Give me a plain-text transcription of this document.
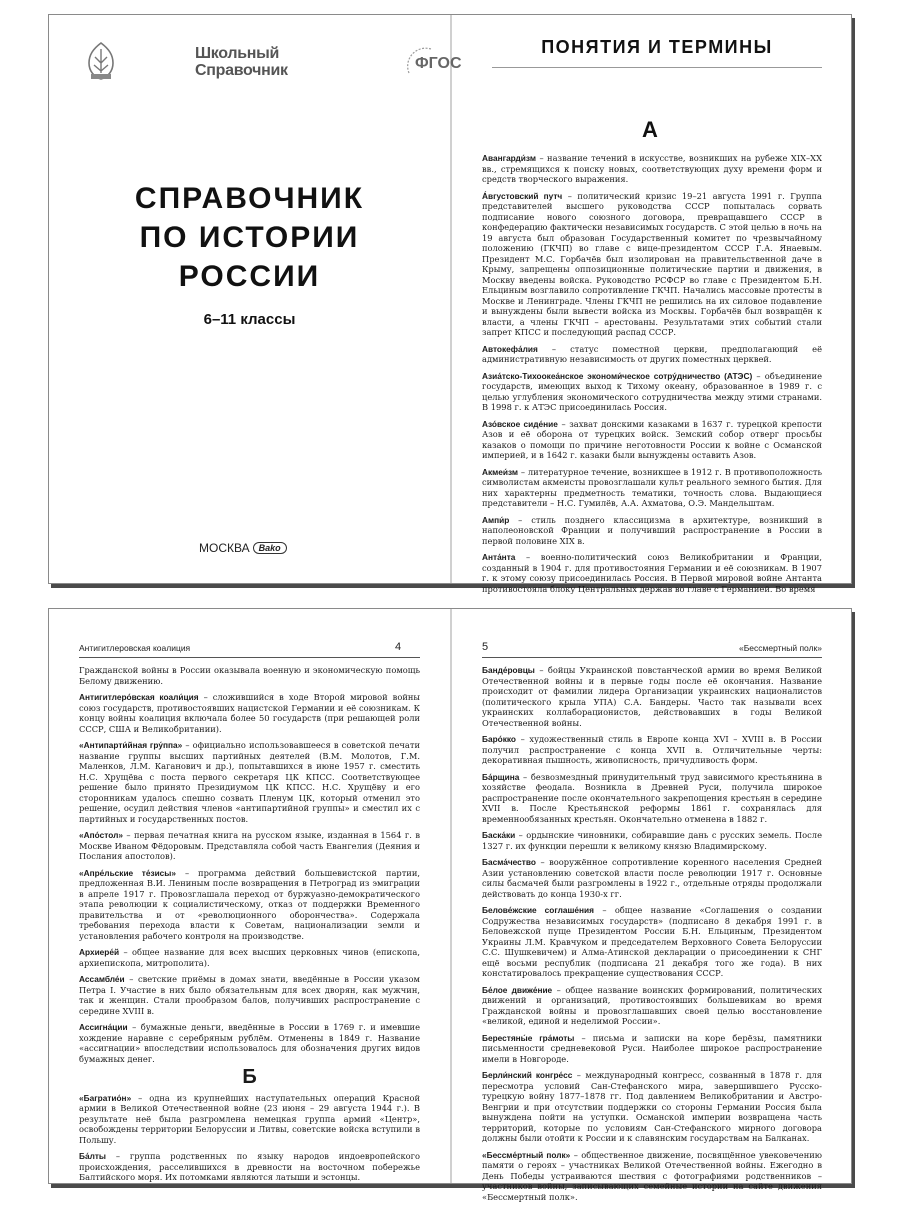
Школьный
Справочник	ФГОС
СПРАВОЧНИК
ПО ИСТОРИИ
РОССИИ
6–11 классы
МОСКВА Bako
ПОНЯТИЯ И ТЕРМИНЫ
А
Авангарди́зм – название течений в искусстве, возникших на рубеже XIX–XX вв., стремящихся к поиску новых, соответствующих духу времени форм и средств творческого выражения.
А́вгустовский путч – политический кризис 19–21 августа 1991 г. Группа представителей высшего руководства СССР попыталась сорвать подписание нового союзного договора, превращавшего СССР в конфедерацию фактически независимых государств. С этой целью в ночь на 19 августа был образован Государственный комитет по чрезвычайному положению (ГКЧП) во главе с вице-президентом СССР Г.А. Янаевым. Президент М.С. Горбачёв был изолирован на правительственной даче в Крыму, запрещены оппозиционные политические партии и движения, в Москву введены войска. Руководство РСФСР во главе с Президентом Б.Н. Ельциным возглавило сопротивление ГКЧП. Начались массовые протесты в Москве и Ленинграде. Члены ГКЧП не решились на их силовое подавление и вынуждены были вывести войска из Москвы. Горбачёв был возвращён к власти, а члены ГКЧП – арестованы. Результатами этих событий стали запрет КПСС и последующий распад СССР.
Автокефа́лия – статус поместной церкви, предполагающий её административную независимость от других поместных церквей.
Азиа́тско-Тихоокеа́нское экономи́ческое сотру́дничество (АТЭС) – объединение государств, имеющих выход к Тихому океану, образованное в 1989 г. с целью углубления экономического сотрудничества между этими странами. В 1998 г. к АТЭС присоединилась Россия.
Азо́вское сиде́ние – захват донскими казаками в 1637 г. турецкой крепости Азов и её оборона от турецких войск. Земский собор отверг просьбы казаков о помощи по причине неготовности России к войне с Османской империей, и в 1642 г. казаки были вынуждены оставить Азов.
Акмеи́зм – литературное течение, возникшее в 1912 г. В противоположность символистам акмеисты провозглашали культ реального земного бытия. Для них характерны предметность тематики, точность слова. Выдающиеся представители – Н.С. Гумилёв, А.А. Ахматова, О.Э. Мандельштам.
Ампи́р – стиль позднего классицизма в архитектуре, возникший в наполеоновской Франции и получивший распространение в России в первой половине XIX в.
Анта́нта – военно-политический союз Великобритании и Франции, созданный в 1904 г. для противостояния Германии и её союзникам. В 1907 г. к этому союзу присоединилась Россия. В Первой мировой войне Антанта противостояла блоку Центральных держав во главе с Германией. Во время
Антигитлеровская коалиция	4
Гражданской войны в России оказывала военную и экономическую помощь Белому движению.
Антигитлеро́вская коали́ция – сложившийся в ходе Второй мировой войны союз государств, противостоявших нацистской Германии и её союзникам. К концу войны коалиция включала более 50 государств (при решающей роли СССР, США и Великобритании).
«Антипарти́йная гру́ппа» – официально использовавшееся в советской печати название группы высших партийных деятелей (В.М. Молотов, Г.М. Маленков, Л.М. Каганович и др.), попытавшихся в июне 1957 г. сместить Н.С. Хрущёва с поста первого секретаря ЦК КПСС. Соответствующее решение было принято Президиумом ЦК КПСС. Н.С. Хрущёву и его сторонникам удалось спешно созвать Пленум ЦК, который отменил это решение, осудил действия членов «антипартийной группы» и сместил их с партийных и государственных постов.
«Апо́стол» – первая печатная книга на русском языке, изданная в 1564 г. в Москве Иваном Фёдоровым. Представляла собой часть Евангелия (Деяния и Послания апостолов).
«Апре́льские те́зисы» – программа действий большевистской партии, предложенная В.И. Лениным после возвращения в Петроград из эмиграции в апреле 1917 г. Провозглашала переход от буржуазно-демократического этапа революции к социалистическому, отказ от поддержки Временного правительства и от «революционного оборончества». Содержала требования перехода власти к Советам, национализации земли и установления рабочего контроля на производстве.
Архиере́й – общее название для всех высших церковных чинов (епископа, архиепископа, митрополита).
Ассамбле́и – светские приёмы в домах знати, введённые в России указом Петра I. Участие в них было обязательным для всех дворян, как мужчин, так и женщин. Стали прообразом балов, получивших распространение с середине XVIII в.
Ассигна́ции – бумажные деньги, введённые в России в 1769 г. и имевшие хождение наравне с серебряным рублём. Отменены в 1849 г. Название «ассигнации» впоследствии использовалось для обозначения других видов бумажных денег.
Б
«Багратио́н» – одна из крупнейших наступательных операций Красной армии в Великой Отечественной войне (23 июня – 29 августа 1944 г.). В результате неё была разгромлена немецкая группа армий «Центр», освобождены территории Белоруссии и Литвы, советские войска вступили в Польшу.
Ба́лты – группа родственных по языку народов индоевропейского происхождения, расселившихся в древности на восточном побережье Балтийского моря. Их потомками являются латыши и эстонцы.
5	«Бессмертный полк»
Банде́ровцы – бойцы Украинской повстанческой армии во время Великой Отечественной войны и в первые годы после её окончания. Название происходит от фамилии лидера Организации украинских националистов (политического крыла УПА) С.А. Бандеры. Часто так называли всех украинских коллаборационистов, действовавших в годы Великой Отечественной войны.
Баро́кко – художественный стиль в Европе конца XVI – XVIII в. В России получил распространение с конца XVII в. Отличительные черты: декоративная пышность, живописность, причудливость форм.
Ба́рщина – безвозмездный принудительный труд зависимого крестьянина в хозяйстве феодала. Возникла в Древней Руси, получила широкое распространение после окончательного закрепощения крестьян в середине XVII в. После Крестьянской реформы 1861 г. сохранялась для временнообязанных крестьян. Окончательно отменена в 1882 г.
Баска́ки – ордынские чиновники, собиравшие дань с русских земель. После 1327 г. их функции перешли к великому князю Владимирскому.
Басма́чество – вооружённое сопротивление коренного населения Средней Азии установлению советской власти после революции 1917 г. Основные силы басмачей были разгромлены в 1922 г., отдельные отряды продолжали действовать до конца 1930-х гг.
Белове́жские соглаше́ния – общее название «Соглашения о создании Содружества независимых государств» (подписано 8 декабря 1991 г. в Беловежской пуще Президентом России Б.Н. Ельциным, Президентом Украины Л.М. Кравчуком и председателем Верховного Совета Белоруссии С.С. Шушкевичем) и Алма-Атинской декларации о присоединении к СНГ ещё восьми республик (подписана 21 декабря того же года). В них констатировалось прекращение существования СССР.
Бе́лое движе́ние – общее название воинских формирований, политических движений и организаций, противостоявших большевикам во время Гражданской войны и провозглашавших своей целью восстановление «великой, единой и неделимой России».
Берестяны́е гра́моты – письма и записки на коре берёзы, памятники письменности средневековой Руси. Наиболее широкое распространение имели в Новгороде.
Берли́нский конгре́сс – международный конгресс, созванный в 1878 г. для пересмотра условий Сан-Стефанского мира, завершившего Русско-турецкую войну 1877–1878 гг. Под давлением Великобритании и Австро-Венгрии и при отсутствии поддержки со стороны Германии Россия была вынуждена пойти на уступки. Османской империи возвращена часть территорий, которые по условиям Сан-Стефанского мирного договора должны были отойти к России и к славянским государствам на Балканах.
«Бессме́ртный полк» – общественное движение, посвящённое увековечению памяти о героях – участниках Великой Отечественной войны. Ежегодно в День Победы устраиваются шествия с фотографиями родственников – участников войны, записывающих семейные истории на сайте движения «Бессмертный полк».
